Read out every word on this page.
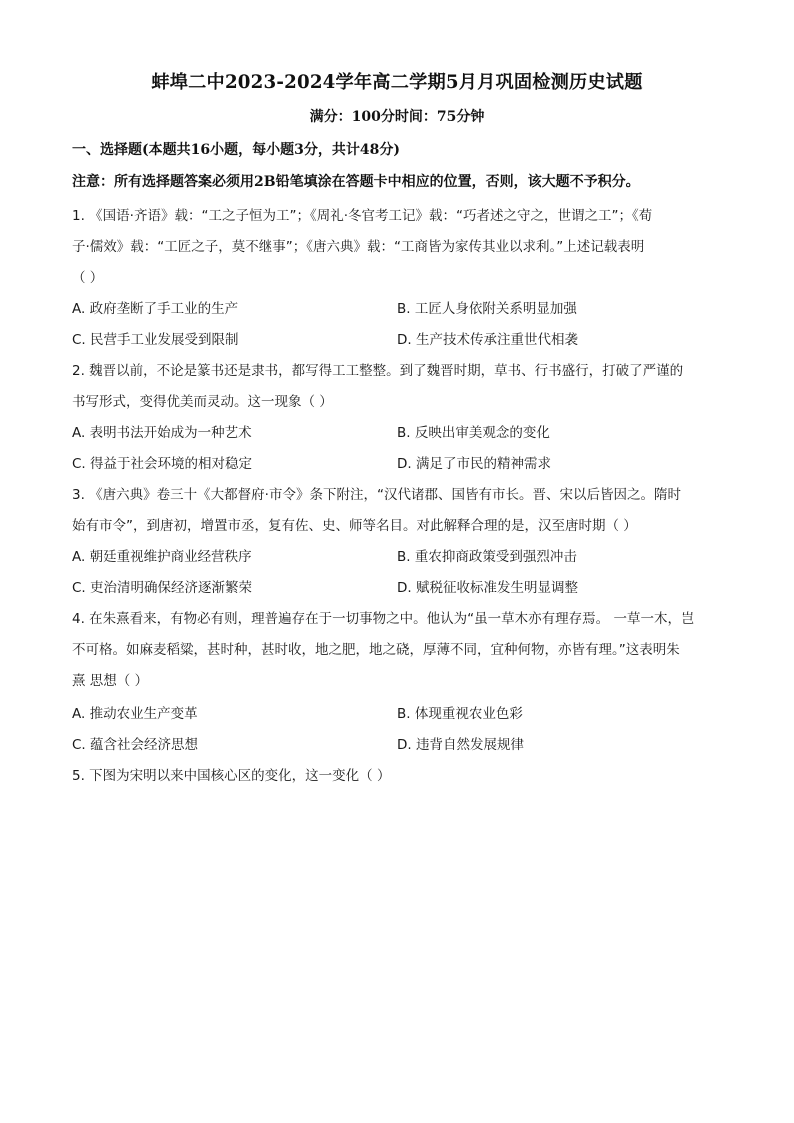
蚌埠二中2023-2024学年高二学期5月月巩固检测历史试题
满分：100分时间：75分钟
一、选择题(本题共16小题，每小题3分，共计48分)
注意：所有选择题答案必须用2B铅笔填涂在答题卡中相应的位置，否则，该大题不予积分。
1. 《国语·齐语》载：“工之子恒为工”；《周礼·冬官考工记》载：“巧者述之守之，世谓之工”；《荀
子·儒效》载：“工匠之子，莫不继事”；《唐六典》载：“工商皆为家传其业以求利。”上述记载表明
（ ）
A. 政府垄断了手工业的生产	B. 工匠人身依附关系明显加强
C. 民营手工业发展受到限制	D. 生产技术传承注重世代相袭
2. 魏晋以前，不论是篆书还是隶书，都写得工工整整。到了魏晋时期，草书、行书盛行，打破了严谨的
书写形式，变得优美而灵动。这一现象（ ）
A. 表明书法开始成为一种艺术	B. 反映出审美观念的变化
C. 得益于社会环境的相对稳定	D. 满足了市民的精神需求
3. 《唐六典》卷三十《大都督府·市令》条下附注，“汉代诸郡、国皆有市长。晋、宋以后皆因之。隋时
始有市令”，到唐初，增置市丞，复有佐、史、师等名目。对此解释合理的是，汉至唐时期（ ）
A. 朝廷重视维护商业经营秩序	B. 重农抑商政策受到强烈冲击
C. 吏治清明确保经济逐渐繁荣	D. 赋税征收标准发生明显调整
4. 在朱熹看来，有物必有则，理普遍存在于一切事物之中。他认为“虽一草木亦有理存焉。 一草一木，岂
不可格。如麻麦稻粱，甚时种，甚时收，地之肥，地之硗，厚薄不同，宜种何物，亦皆有理。”这表明朱
熹 思想（ ）
A. 推动农业生产变革	B. 体现重视农业色彩
C. 蕴含社会经济思想	D. 违背自然发展规律
5. 下图为宋明以来中国核心区的变化，这一变化（ ）
